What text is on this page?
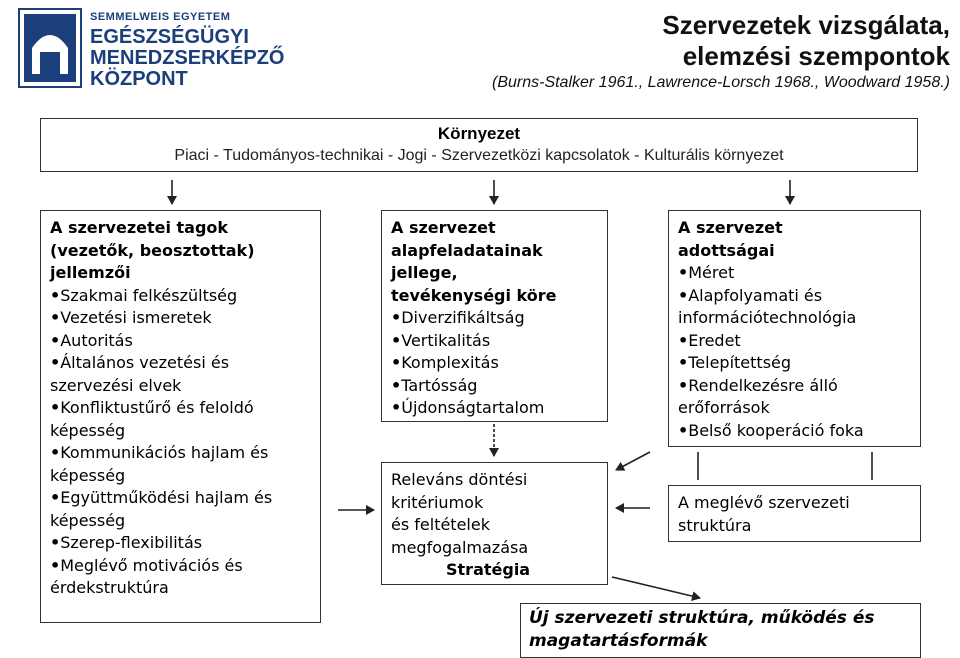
SEMMELWEIS EGYETEM
EGÉSZSÉGÜGYI
MENEDZSERKÉPZŐ
KÖZPONT
Szervezetek vizsgálata,
elemzési szempontok
(Burns-Stalker 1961., Lawrence-Lorsch 1968., Woodward 1958.)
Környezet
Piaci - Tudományos-technikai - Jogi - Szervezetközi kapcsolatok - Kulturális környezet
A szervezetei tagok
(vezetők, beosztottak)
jellemzői
•Szakmai felkészültség
•Vezetési ismeretek
•Autoritás
•Általános vezetési és szervezési elvek
•Konfliktustűrő és feloldó képesség
•Kommunikációs hajlam és képesség
•Együttműködési hajlam és képesség
•Szerep-flexibilitás
•Meglévő motivációs és érdekstruktúra
A szervezet
alapfeladatainak
jellege,
tevékenységi köre
•Diverzifikáltság
•Vertikalitás
•Komplexitás
•Tartósság
•Újdonságtartalom
A szervezet
adottságai
•Méret
•Alapfolyamati és információtechnológia
•Eredet
•Telepítettség
•Rendelkezésre álló erőforrások
•Belső kooperáció foka
Releváns döntési
kritériumok
és feltételek
megfogalmazása
Stratégia
A meglévő szervezeti
struktúra
Új szervezeti struktúra, működés és
magatartásformák
